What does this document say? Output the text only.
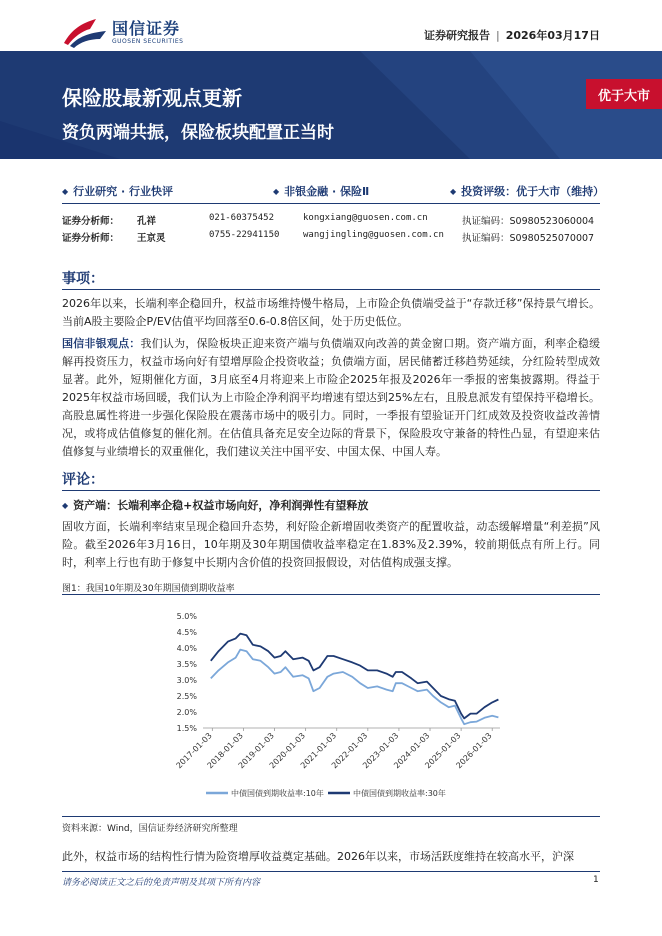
国信证券
GUOSEN SECURITIES	证券研究报告 | 2026年03月17日
保险股最新观点更新
资负两端共振，保险板块配置正当时
优于大市
◆ 行业研究 · 行业快评	◆ 非银金融 · 保险Ⅱ	◆ 投资评级：优于大市（维持）
证券分析师： 孔祥	021-60375452	kongxiang@guosen.com.cn	执证编码：S0980523060004
证券分析师： 王京灵	0755-22941150	wangjingling@guosen.com.cn 执证编码：S0980525070007
事项：
2026年以来，长端利率企稳回升，权益市场维持慢牛格局，上市险企负债端受益于“存款迁移”保持景气增长。当前A股主要险企P/EV估值平均回落至0.6-0.8倍区间，处于历史低位。
国信非银观点：我们认为，保险板块正迎来资产端与负债端双向改善的黄金窗口期。资产端方面，利率企稳缓解再投资压力，权益市场向好有望增厚险企投资收益；负债端方面，居民储蓄迁移趋势延续，分红险转型成效显著。此外，短期催化方面，3月底至4月将迎来上市险企2025年报及2026年一季报的密集披露期。得益于2025年权益市场回暖，我们认为上市险企净利润平均增速有望达到25%左右，且股息派发有望保持平稳增长。高股息属性将进一步强化保险股在震荡市场中的吸引力。同时，一季报有望验证开门红成效及投资收益改善情况，或将成估值修复的催化剂。在估值具备充足安全边际的背景下，保险股攻守兼备的特性凸显，有望迎来估值修复与业绩增长的双重催化，我们建议关注中国平安、中国太保、中国人寿。
评论：
◆ 资产端：长端利率企稳+权益市场向好，净利润弹性有望释放
固收方面，长端利率结束呈现企稳回升态势，利好险企新增固收类资产的配置收益，动态缓解增量“利差损”风险。截至2026年3月16日，10年期及30年期国债收益率稳定在1.83%及2.39%，较前期低点有所上行。同时，利率上行也有助于修复中长期内含价值的投资回报假设，对估值构成强支撑。
图1：我国10年期及30年期国债到期收益率
1.5%
2.0%
2.5%
3.0%
3.5%
4.0%
4.5%
5.0%
2017-01-03
2018-01-03
2019-01-03
2020-01-03
2021-01-03
2022-01-03
2023-01-03
2024-01-03
2025-01-03
2026-01-03
中债国债到期收益率:10年	中债国债到期收益率:30年
资料来源：Wind，国信证券经济研究所整理
此外，权益市场的结构性行情为险资增厚收益奠定基础。2026年以来，市场活跃度维持在较高水平，沪深
请务必阅读正文之后的免责声明及其项下所有内容	1
